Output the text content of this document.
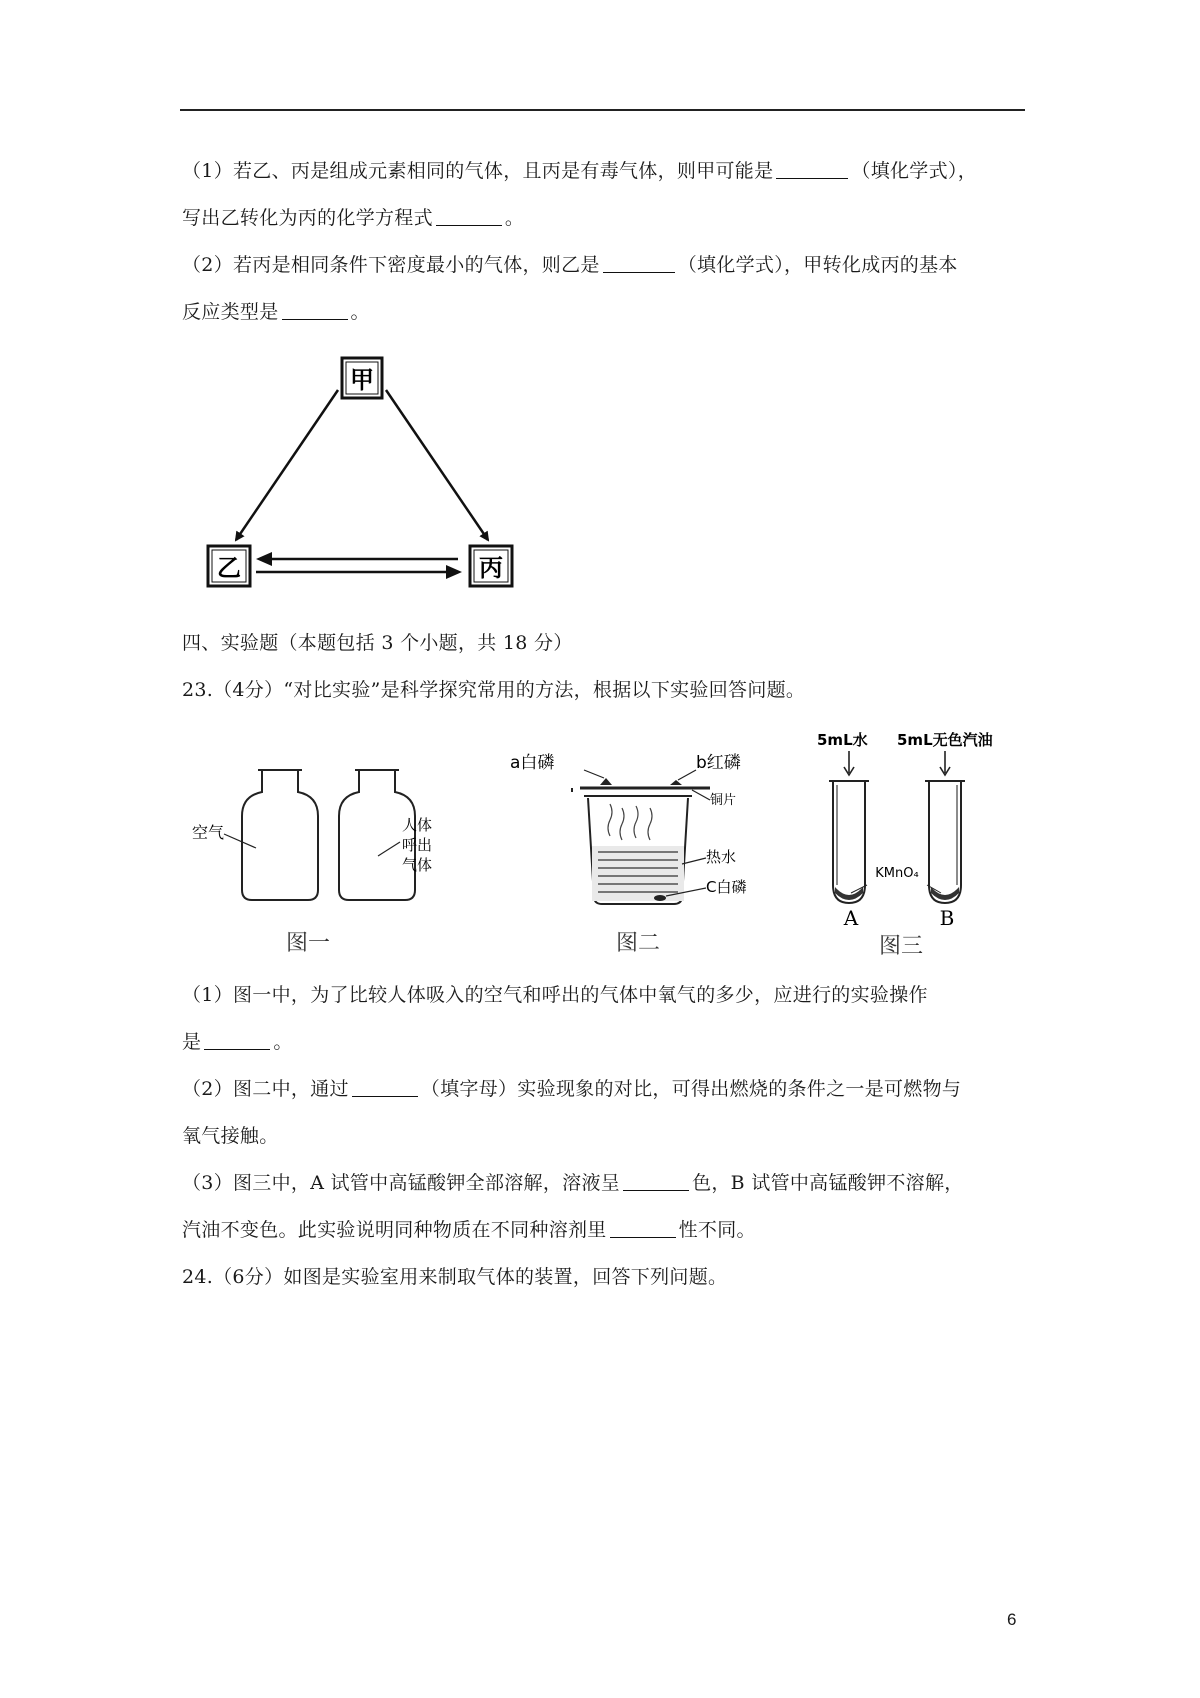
（1）若乙、丙是组成元素相同的气体，且丙是有毒气体，则甲可能是	（填化学式），
写出乙转化为丙的化学方程式	。
（2）若丙是相同条件下密度最小的气体，则乙是	（填化学式），甲转化成丙的基本
反应类型是	。
甲
乙	丙
四、实验题（本题包括 3 个小题，共 18 分）
23.（4分）“对比实验”是科学探究常用的方法，根据以下实验回答问题。
空气	人体
呼出
气体
图一
a白磷	b红磷
铜片
热水
C白磷
图二
5mL水 5mL无色汽油
KMnO₄
A	B
图三
（1）图一中，为了比较人体吸入的空气和呼出的气体中氧气的多少，应进行的实验操作
是	。
（2）图二中，通过	（填字母）实验现象的对比，可得出燃烧的条件之一是可燃物与
氧气接触。
（3）图三中，A 试管中高锰酸钾全部溶解，溶液呈	色，B 试管中高锰酸钾不溶解，
汽油不变色。此实验说明同种物质在不同种溶剂里	性不同。
24.（6分）如图是实验室用来制取气体的装置，回答下列问题。
6
